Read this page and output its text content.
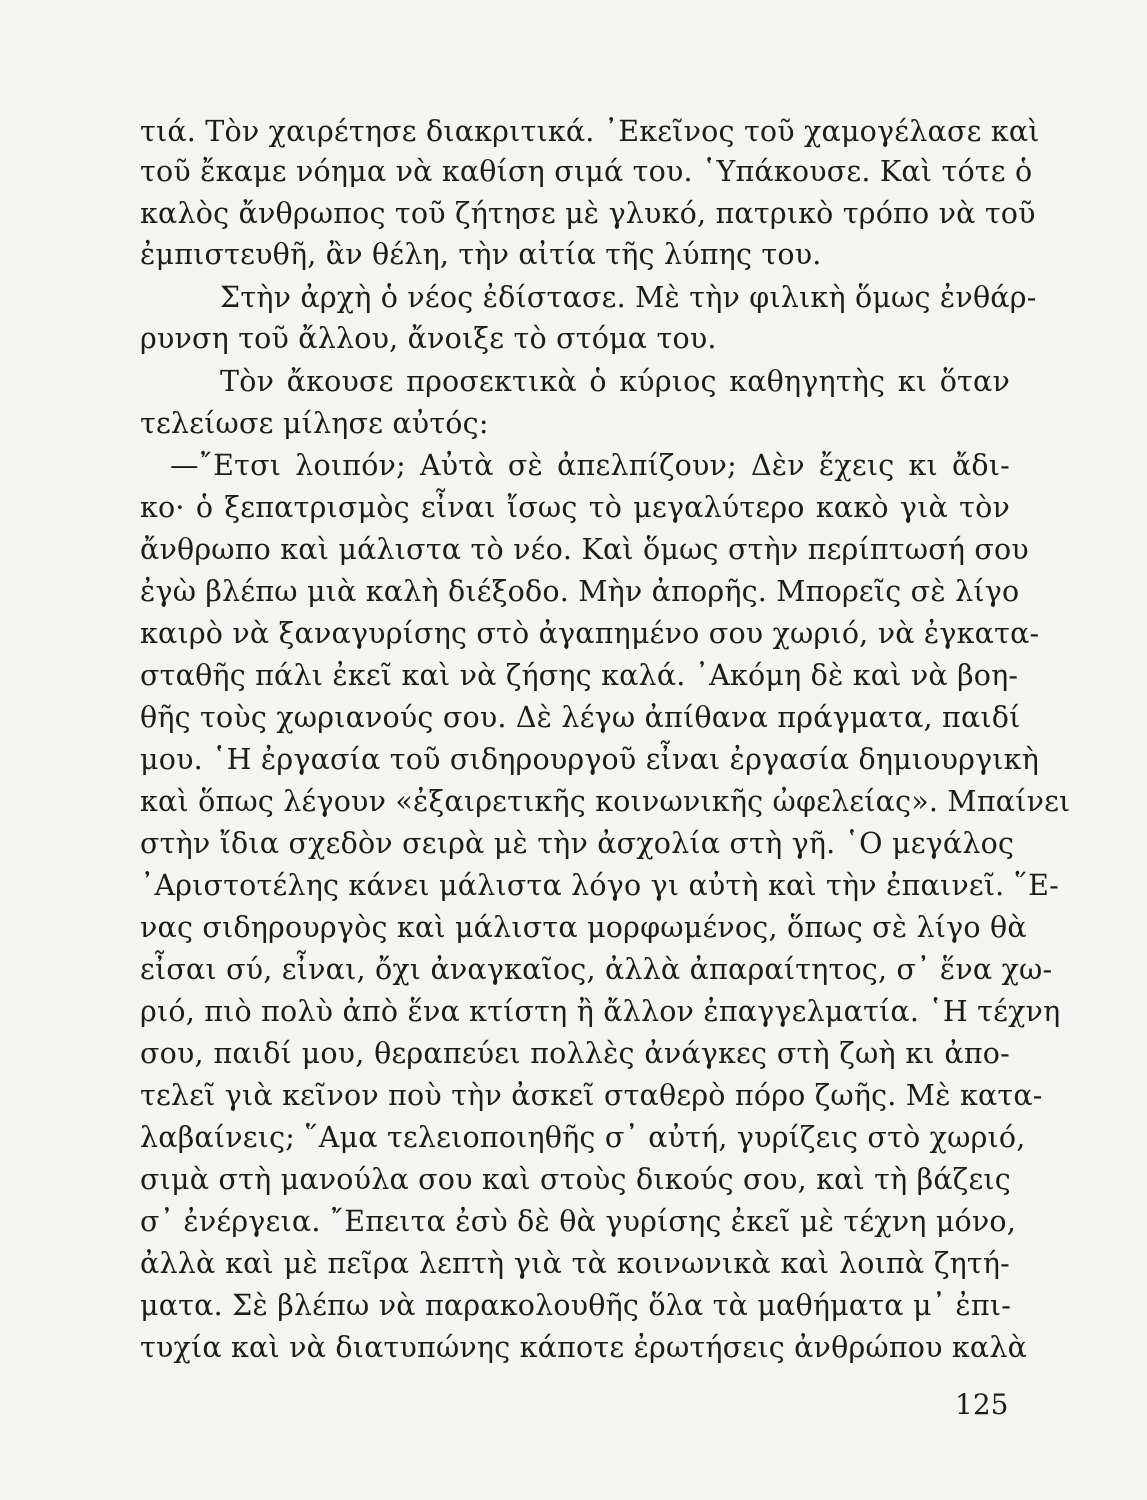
τιά. Τὸν χαιρέτησε διακριτικά. ᾿Εκεῖνος τοῦ χαμογέλασε καὶ
τοῦ ἔκαμε νόημα νὰ καθίση σιμά του. ῾Υπάκουσε. Καὶ τότε ὁ
καλὸς ἄνθρωπος τοῦ ζήτησε μὲ γλυκό, πατρικὸ τρόπο νὰ τοῦ
ἐμπιστευθῆ, ἂν θέλη, τὴν αἰτία τῆς λύπης του.
Στὴν ἀρχὴ ὁ νέος ἐδίστασε. Μὲ τὴν φιλικὴ ὅμως ἐνθάρ-
ρυνση τοῦ ἄλλου, ἄνοιξε τὸ στόμα του.
Τὸν ἄκουσε προσεκτικὰ ὁ κύριος καθηγητὴς κι ὅταν
τελείωσε μίλησε αὐτός:
—῎Ετσι λοιπόν; Αὐτὰ σὲ ἀπελπίζουν; Δὲν ἔχεις κι ἄδι-
κο· ὁ ξεπατρισμὸς εἶναι ἴσως τὸ μεγαλύτερο κακὸ γιὰ τὸν
ἄνθρωπο καὶ μάλιστα τὸ νέο. Καὶ ὅμως στὴν περίπτωσή σου
ἐγὼ βλέπω μιὰ καλὴ διέξοδο. Μὴν ἀπορῆς. Μπορεῖς σὲ λίγο
καιρὸ νὰ ξαναγυρίσης στὸ ἀγαπημένο σου χωριό, νὰ ἐγκατα-
σταθῆς πάλι ἐκεῖ καὶ νὰ ζήσης καλά. ᾿Ακόμη δὲ καὶ νὰ βοη-
θῆς τοὺς χωριανούς σου. Δὲ λέγω ἀπίθανα πράγματα, παιδί
μου. ῾Η ἐργασία τοῦ σιδηρουργοῦ εἶναι ἐργασία δημιουργικὴ
καὶ ὅπως λέγουν «ἐξαιρετικῆς κοινωνικῆς ὠφελείας». Μπαίνει
στὴν ἴδια σχεδὸν σειρὰ μὲ τὴν ἀσχολία στὴ γῆ. ῾Ο μεγάλος
᾿Αριστοτέλης κάνει μάλιστα λόγο γι αὐτὴ καὶ τὴν ἐπαινεῖ. ῞Ε-
νας σιδηρουργὸς καὶ μάλιστα μορφωμένος, ὅπως σὲ λίγο θὰ
εἶσαι σύ, εἶναι, ὄχι ἀναγκαῖος, ἀλλὰ ἀπαραίτητος, σ᾿ ἕνα χω-
ριό, πιὸ πολὺ ἀπὸ ἕνα κτίστη ἢ ἄλλον ἐπαγγελματία. ῾Η τέχνη
σου, παιδί μου, θεραπεύει πολλὲς ἀνάγκες στὴ ζωὴ κι ἀπο-
τελεῖ γιὰ κεῖνον ποὺ τὴν ἀσκεῖ σταθερὸ πόρο ζωῆς. Μὲ κατα-
λαβαίνεις; ῞Αμα τελειοποιηθῆς σ᾿ αὐτή, γυρίζεις στὸ χωριό,
σιμὰ στὴ μανούλα σου καὶ στοὺς δικούς σου, καὶ τὴ βάζεις
σ᾿ ἐνέργεια. ῎Επειτα ἐσὺ δὲ θὰ γυρίσης ἐκεῖ μὲ τέχνη μόνο,
ἀλλὰ καὶ μὲ πεῖρα λεπτὴ γιὰ τὰ κοινωνικὰ καὶ λοιπὰ ζητή-
ματα. Σὲ βλέπω νὰ παρακολουθῆς ὅλα τὰ μαθήματα μ᾿ ἐπι-
τυχία καὶ νὰ διατυπώνης κάποτε ἐρωτήσεις ἀνθρώπου καλὰ
125
